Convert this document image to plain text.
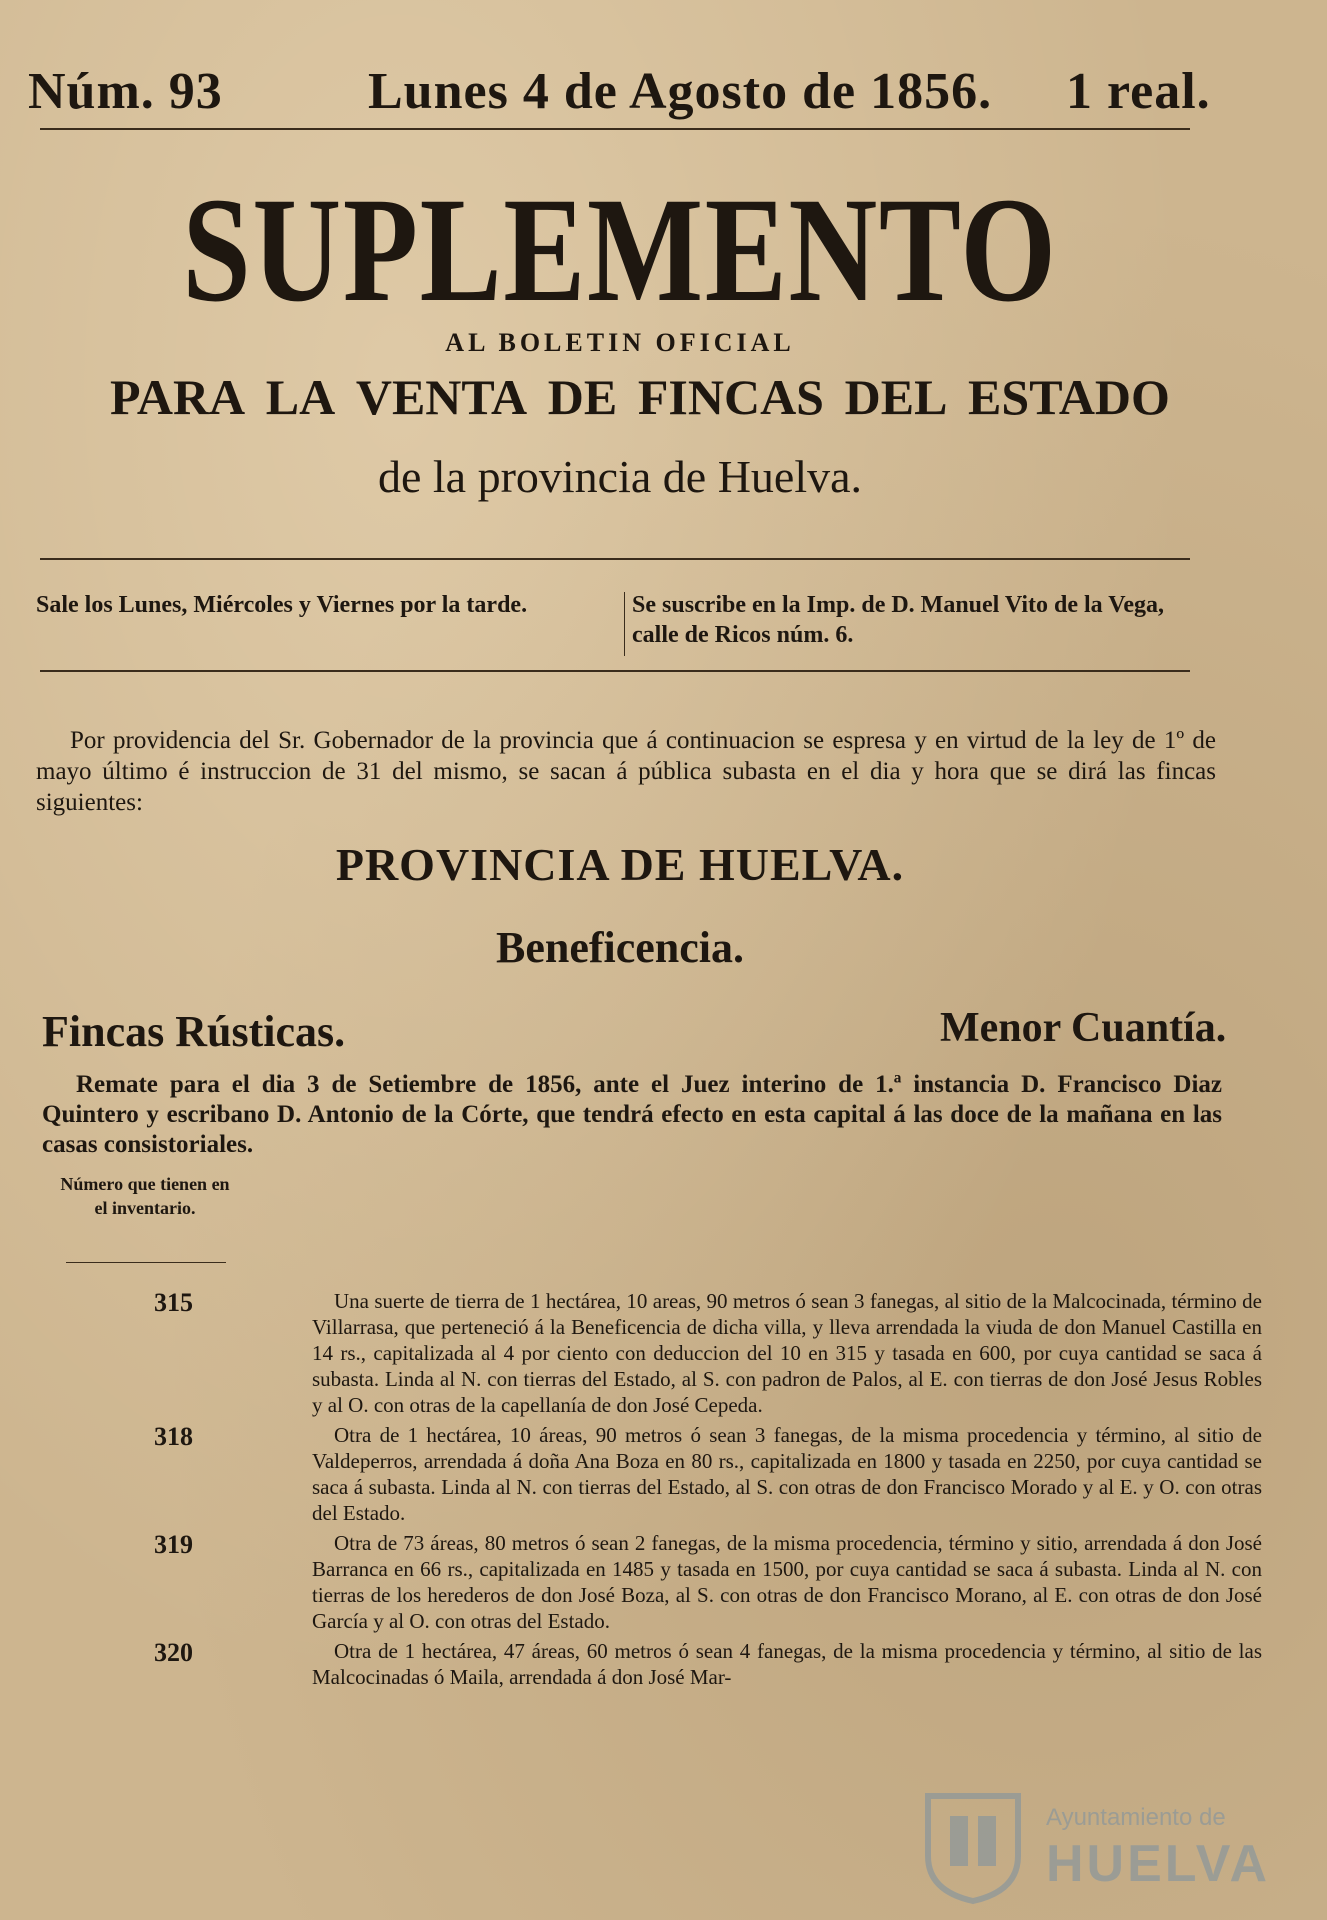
Núm. 93	Lunes 4 de Agosto de 1856. 1 real.
SUPLEMENTO
AL BOLETIN OFICIAL
PARA LA VENTA DE FINCAS DEL ESTADO
de la provincia de Huelva.
Sale los Lunes, Miércoles y Viernes por la tarde.	Se suscribe en la Imp. de D. Manuel Vito de la Vega, calle de Ricos núm. 6.
Por providencia del Sr. Gobernador de la provincia que á continuacion se espresa y en virtud de la ley de 1º de mayo último é instruccion de 31 del mismo, se sacan á pública subasta en el dia y hora que se dirá las fincas siguientes:
PROVINCIA DE HUELVA.
Beneficencia.
Fincas Rústicas.	Menor Cuantía.
Remate para el dia 3 de Setiembre de 1856, ante el Juez interino de 1.ª instancia D. Francisco Diaz Quintero y escribano D. Antonio de la Córte, que tendrá efecto en esta capital á las doce de la mañana en las casas consistoriales.
Número que tienen en el inventario.
315	Una suerte de tierra de 1 hectárea, 10 areas, 90 metros ó sean 3 fanegas, al sitio de la Malcocinada, término de Villarrasa, que perteneció á la Beneficencia de dicha villa, y lleva arrendada la viuda de don Manuel Castilla en 14 rs., capitalizada al 4 por ciento con deduccion del 10 en 315 y tasada en 600, por cuya cantidad se saca á subasta. Linda al N. con tierras del Estado, al S. con padron de Palos, al E. con tierras de don José Jesus Robles y al O. con otras de la capellanía de don José Cepeda.
318	Otra de 1 hectárea, 10 áreas, 90 metros ó sean 3 fanegas, de la misma procedencia y término, al sitio de Valdeperros, arrendada á doña Ana Boza en 80 rs., capitalizada en 1800 y tasada en 2250, por cuya cantidad se saca á subasta. Linda al N. con tierras del Estado, al S. con otras de don Francisco Morado y al E. y O. con otras del Estado.
319	Otra de 73 áreas, 80 metros ó sean 2 fanegas, de la misma procedencia, término y sitio, arrendada á don José Barranca en 66 rs., capitalizada en 1485 y tasada en 1500, por cuya cantidad se saca á subasta. Linda al N. con tierras de los herederos de don José Boza, al S. con otras de don Francisco Morano, al E. con otras de don José García y al O. con otras del Estado.
320	Otra de 1 hectárea, 47 áreas, 60 metros ó sean 4 fanegas, de la misma procedencia y término, al sitio de las Malcocinadas ó Maila, arrendada á don José Mar-
Ayuntamiento de
HUELVA
